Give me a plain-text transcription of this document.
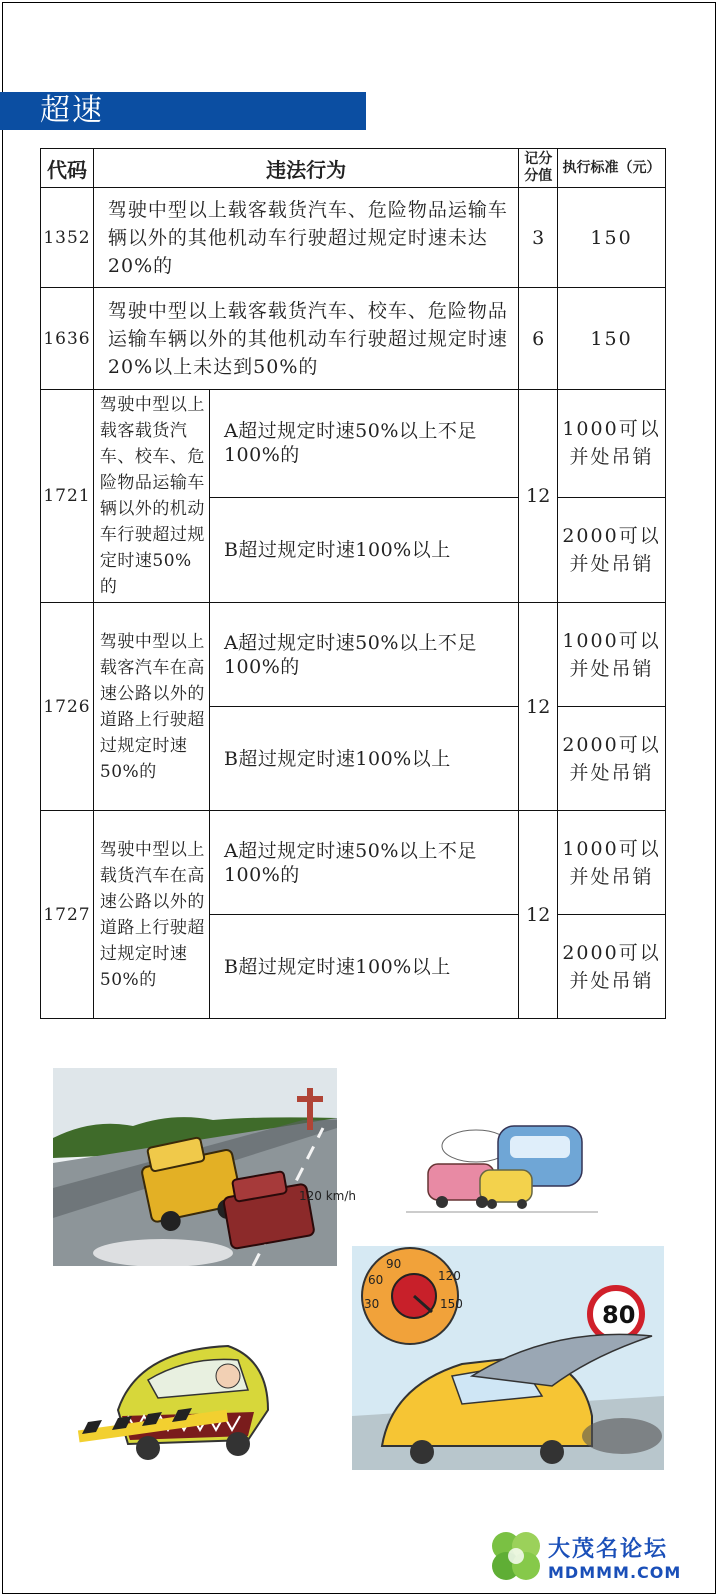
超速
代码	违法行为		记分分值	执行标准（元）
1352	驾驶中型以上载客载货汽车、危险物品运输车辆以外的其他机动车行驶超过规定时速未达20%的		3	150
1636	驾驶中型以上载客载货汽车、校车、危险物品运输车辆以外的其他机动车行驶超过规定时速20%以上未达到50%的		6	150
1721	驾驶中型以上载客载货汽车、校车、危险物品运输车辆以外的机动车行驶超过规定时速50%的	A超过规定时速50%以上不足100%的	12	1000可以并处吊销
		B超过规定时速100%以上		2000可以并处吊销
1726	驾驶中型以上载客汽车在高速公路以外的道路上行驶超过规定时速50%的	A超过规定时速50%以上不足100%的	12	1000可以并处吊销
		B超过规定时速100%以上		2000可以并处吊销
1727	驾驶中型以上载货汽车在高速公路以外的道路上行驶超过规定时速50%的	A超过规定时速50%以上不足100%的	12	1000可以并处吊销
		B超过规定时速100%以上		2000可以并处吊销
120 km/h
90
60
30
120
150	80
大茂名论坛
MDMMM.COM
